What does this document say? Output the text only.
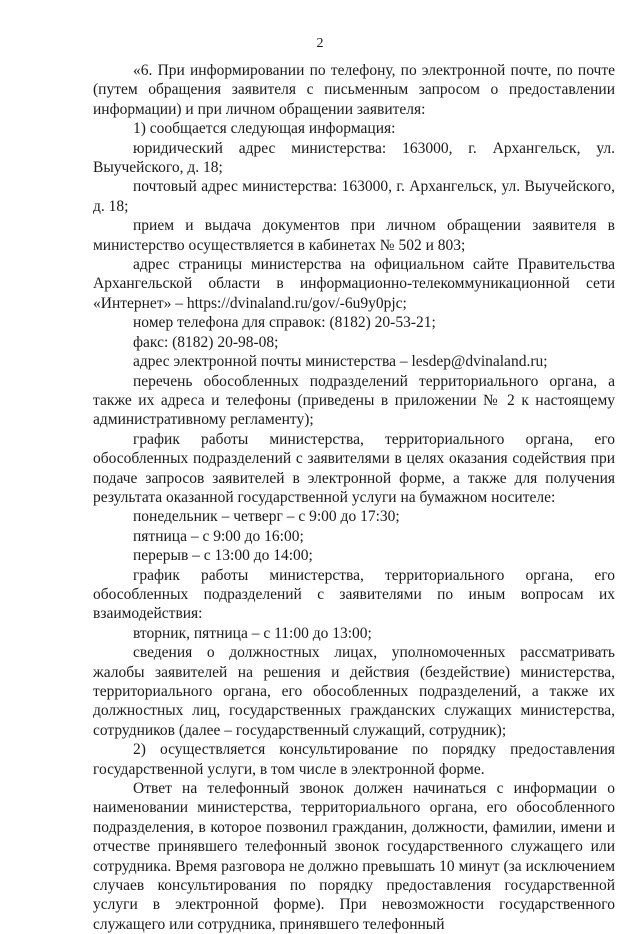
2

«6. При информировании по телефону, по электронной почте, по почте (путем обращения заявителя с письменным запросом о предоставлении информации) и при личном обращении заявителя:

1) сообщается следующая информация:

юридический адрес министерства: 163000, г. Архангельск, ул. Выучейского, д. 18;

почтовый адрес министерства: 163000, г. Архангельск, ул. Выучейского, д. 18;

прием и выдача документов при личном обращении заявителя в министерство осуществляется в кабинетах № 502 и 803;

адрес страницы министерства на официальном сайте Правительства Архангельской области в информационно-телекоммуникационной сети «Интернет» – https://dvinaland.ru/gov/-6u9y0pjc;

номер телефона для справок: (8182) 20-53-21;

факс: (8182) 20-98-08;

адрес электронной почты министерства – lesdep@dvinaland.ru;

перечень обособленных подразделений территориального органа, а также их адреса и телефоны (приведены в приложении № 2 к настоящему административному регламенту);

график работы министерства, территориального органа, его обособленных подразделений с заявителями в целях оказания содействия при подаче запросов заявителей в электронной форме, а также для получения результата оказанной государственной услуги на бумажном носителе:

понедельник – четверг – с 9:00 до 17:30;

пятница – с 9:00 до 16:00;

перерыв – с 13:00 до 14:00;

график работы министерства, территориального органа, его обособленных подразделений с заявителями по иным вопросам их взаимодействия:

вторник, пятница – с 11:00 до 13:00;

сведения о должностных лицах, уполномоченных рассматривать жалобы заявителей на решения и действия (бездействие) министерства, территориального органа, его обособленных подразделений, а также их должностных лиц, государственных гражданских служащих министерства, сотрудников (далее – государственный служащий, сотрудник);

2) осуществляется консультирование по порядку предоставления государственной услуги, в том числе в электронной форме.

Ответ на телефонный звонок должен начинаться с информации о наименовании министерства, территориального органа, его обособленного подразделения, в которое позвонил гражданин, должности, фамилии, имени и отчестве принявшего телефонный звонок государственного служащего или сотрудника. Время разговора не должно превышать 10 минут (за исключением случаев консультирования по порядку предоставления государственной услуги в электронной форме). При невозможности государственного служащего или сотрудника, принявшего телефонный
